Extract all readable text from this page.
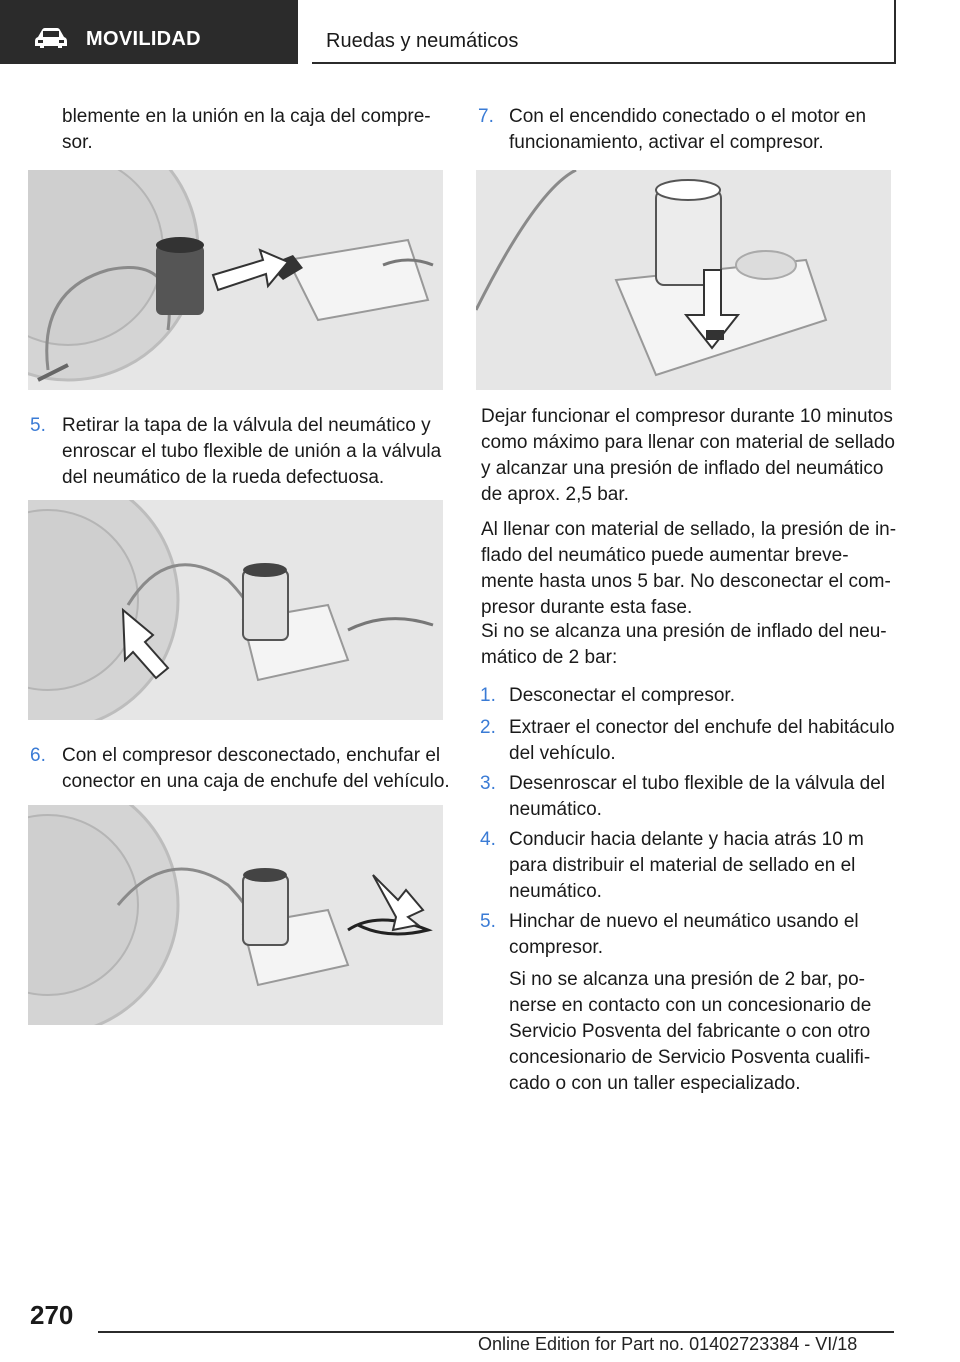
MOVILIDAD	Ruedas y neumáticos
blemente en la unión en la caja del compre-
sor.
5. Retirar la tapa de la válvula del neumático y
enroscar el tubo flexible de unión a la válvula
del neumático de la rueda defectuosa.
6. Con el compresor desconectado, enchufar el
conector en una caja de enchufe del vehículo.
7. Con el encendido conectado o el motor en
funcionamiento, activar el compresor.
Dejar funcionar el compresor durante 10 minutos
como máximo para llenar con material de sellado
y alcanzar una presión de inflado del neumático
de aprox. 2,5 bar.
Al llenar con material de sellado, la presión de in-
flado del neumático puede aumentar breve-
mente hasta unos 5 bar. No desconectar el com-
presor durante esta fase.
Si no se alcanza una presión de inflado del neu-
mático de 2 bar:
1. Desconectar el compresor.
2. Extraer el conector del enchufe del habitáculo
del vehículo.
3. Desenroscar el tubo flexible de la válvula del
neumático.
4. Conducir hacia delante y hacia atrás 10 m
para distribuir el material de sellado en el
neumático.
5. Hinchar de nuevo el neumático usando el
compresor.
Si no se alcanza una presión de 2 bar, po-
nerse en contacto con un concesionario de
Servicio Posventa del fabricante o con otro
concesionario de Servicio Posventa cualifi-
cado o con un taller especializado.
270
Online Edition for Part no. 01402723384 - VI/18
